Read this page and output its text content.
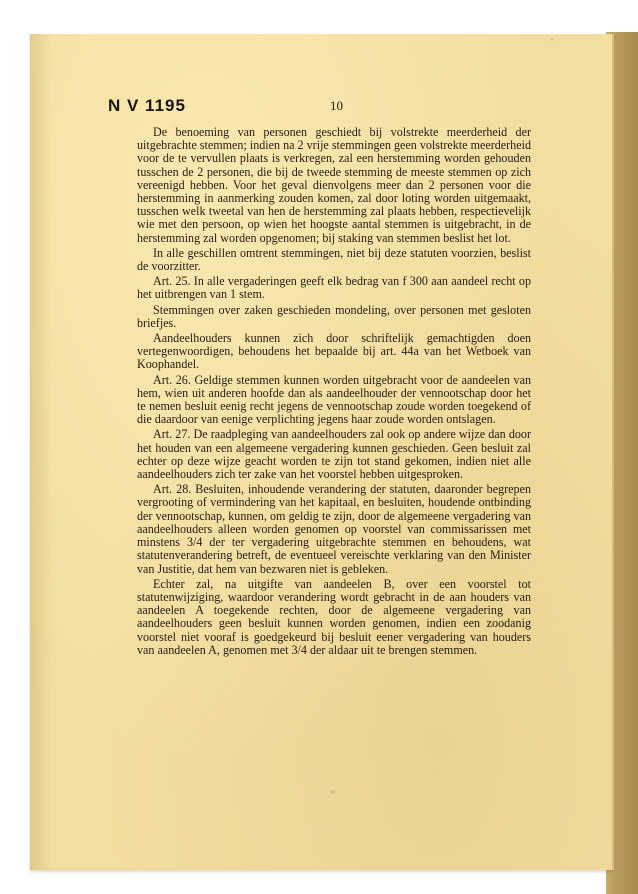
N V 1195	10

De benoeming van personen geschiedt bij volstrekte meerderheid der uitgebrachte stemmen; indien na 2 vrije stemmingen geen volstrekte meerderheid voor de te vervullen plaats is verkregen, zal een herstemming worden gehouden tusschen de 2 personen, die bij de tweede stemming de meeste stemmen op zich vereenigd hebben. Voor het geval dienvolgens meer dan 2 personen voor die herstemming in aanmerking zouden komen, zal door loting worden uitgemaakt, tusschen welk tweetal van hen de herstemming zal plaats hebben, respectievelijk wie met den persoon, op wien het hoogste aantal stemmen is uitgebracht, in de herstemming zal worden opgenomen; bij staking van stemmen beslist het lot.

In alle geschillen omtrent stemmingen, niet bij deze statuten voorzien, beslist de voorzitter.

Art. 25. In alle vergaderingen geeft elk bedrag van f 300 aan aandeel recht op het uitbrengen van 1 stem.

Stemmingen over zaken geschieden mondeling, over personen met gesloten briefjes.

Aandeelhouders kunnen zich door schriftelijk gemachtigden doen vertegenwoordigen, behoudens het bepaalde bij art. 44a van het Wetboek van Koophandel.

Art. 26. Geldige stemmen kunnen worden uitgebracht voor de aandeelen van hem, wien uit anderen hoofde dan als aandeelhouder der vennootschap door het te nemen besluit eenig recht jegens de vennootschap zoude worden toegekend of die daardoor van eenige verplichting jegens haar zoude worden ontslagen.

Art. 27. De raadpleging van aandeelhouders zal ook op andere wijze dan door het houden van een algemeene vergadering kunnen geschieden. Geen besluit zal echter op deze wijze geacht worden te zijn tot stand gekomen, indien niet alle aandeelhouders zich ter zake van het voorstel hebben uitgesproken.

Art. 28. Besluiten, inhoudende verandering der statuten, daaronder begrepen vergrooting of vermindering van het kapitaal, en besluiten, houdende ontbinding der vennootschap, kunnen, om geldig te zijn, door de algemeene vergadering van aandeelhouders alleen worden genomen op voorstel van commissarissen met minstens 3/4 der ter vergadering uitgebrachte stemmen en behoudens, wat statutenverandering betreft, de eventueel vereischte verklaring van den Minister van Justitie, dat hem van bezwaren niet is gebleken.

Echter zal, na uitgifte van aandeelen B, over een voorstel tot statutenwijziging, waardoor verandering wordt gebracht in de aan houders van aandeelen A toegekende rechten, door de algemeene vergadering van aandeelhouders geen besluit kunnen worden genomen, indien een zoodanig voorstel niet vooraf is goedgekeurd bij besluit eener vergadering van houders van aandeelen A, genomen met 3/4 der aldaar uit te brengen stemmen.
